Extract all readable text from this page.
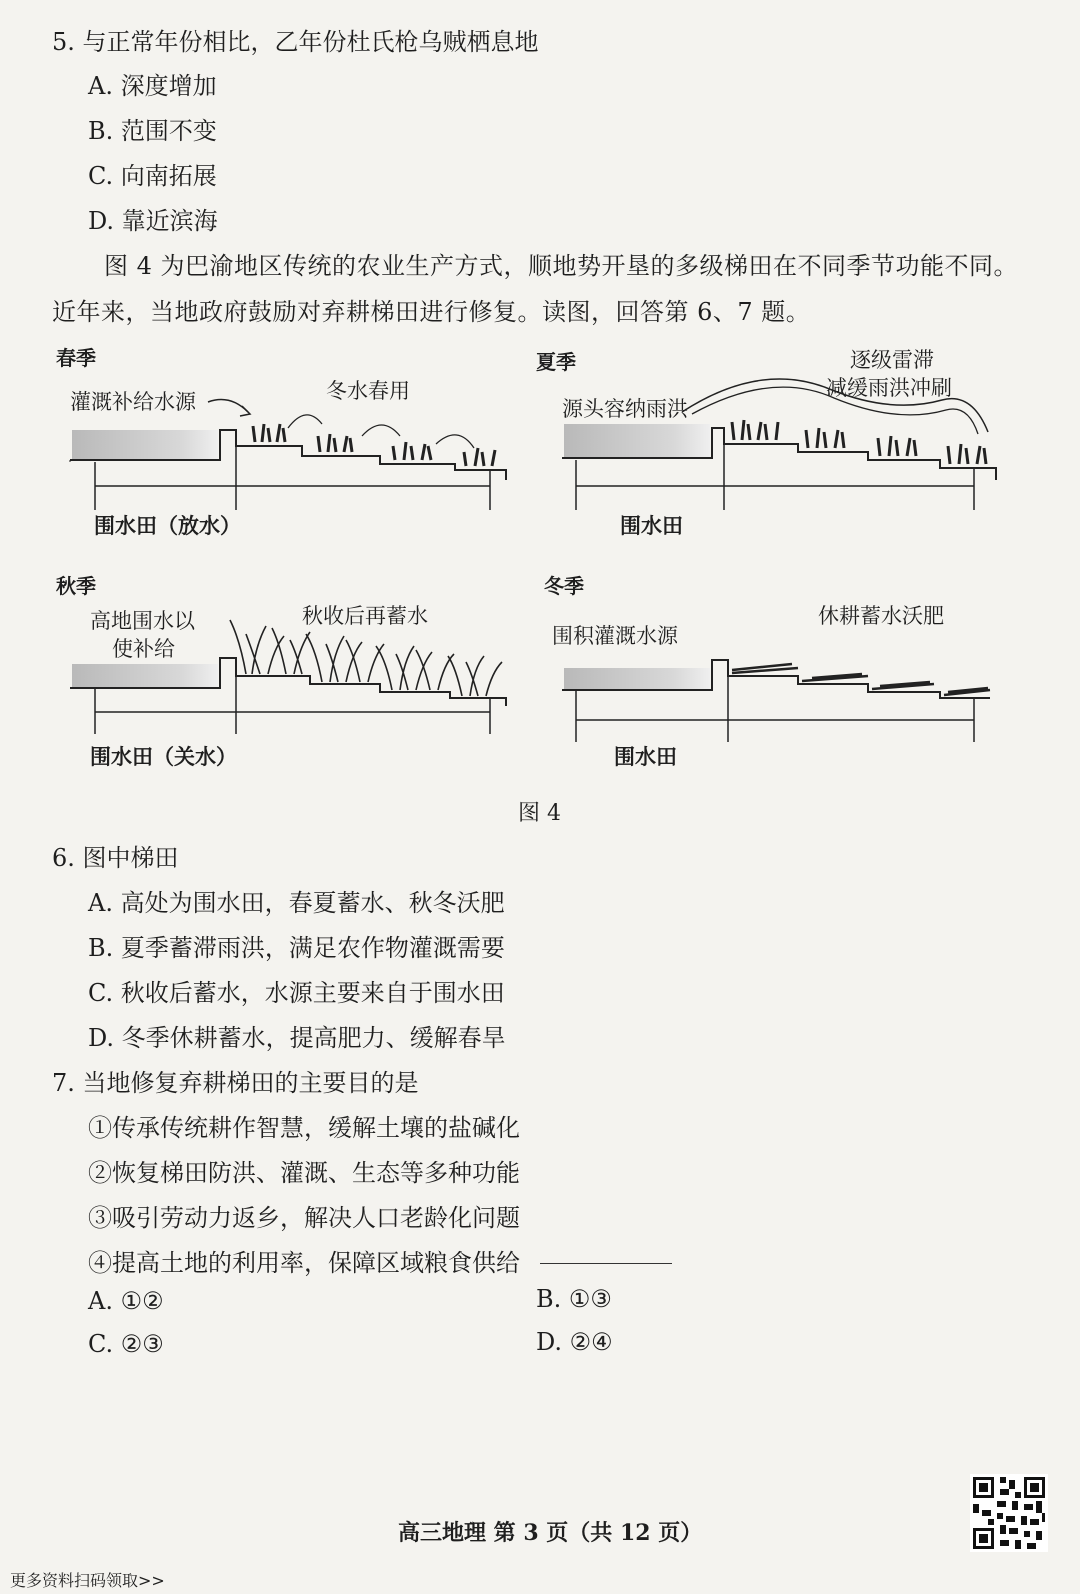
5. 与正常年份相比，乙年份杜氏枪乌贼栖息地
A. 深度增加
B. 范围不变
C. 向南拓展
D. 靠近滨海
图 4 为巴渝地区传统的农业生产方式，顺地势开垦的多级梯田在不同季节功能不同。
近年来，当地政府鼓励对弃耕梯田进行修复。读图，回答第 6、7 题。
春季
灌溉补给水源	冬水春用
围水田（放水）
夏季	逐级雷滞
减缓雨洪冲刷
源头容纳雨洪
围水田
秋季
高地围水以
使补给
秋收后再蓄水
围水田（关水）
冬季
围积灌溉水源
休耕蓄水沃肥
围水田
图 4
6. 图中梯田
A. 高处为围水田，春夏蓄水、秋冬沃肥
B. 夏季蓄滞雨洪，满足农作物灌溉需要
C. 秋收后蓄水，水源主要来自于围水田
D. 冬季休耕蓄水，提高肥力、缓解春旱
7. 当地修复弃耕梯田的主要目的是
①传承传统耕作智慧，缓解土壤的盐碱化
②恢复梯田防洪、灌溉、生态等多种功能
③吸引劳动力返乡，解决人口老龄化问题
④提高土地的利用率，保障区域粮食供给
A. ①②	B. ①③
C. ②③	D. ②④
高三地理 第 3 页（共 12 页）
更多资料扫码领取>>
